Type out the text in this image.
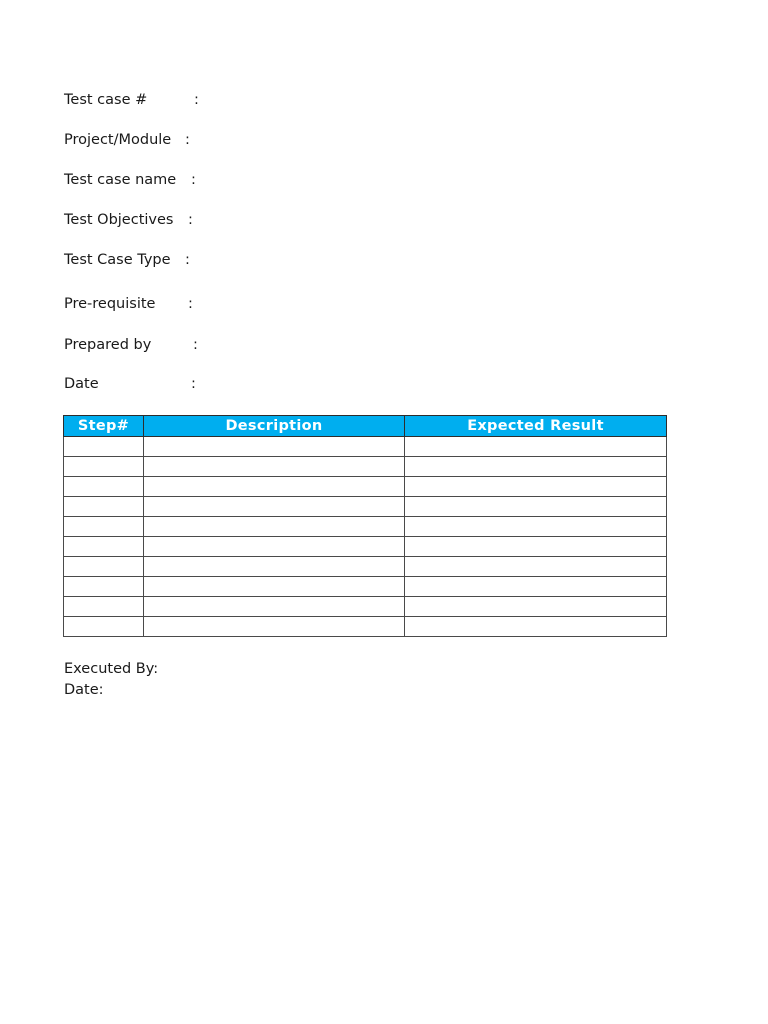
Test case #	:
Project/Module :
Test case name :
Test Objectives :
Test Case Type :
Pre-requisite :
Prepared by	:
Date	:
Step#	Description	Expected Result

Executed By:
Date:
